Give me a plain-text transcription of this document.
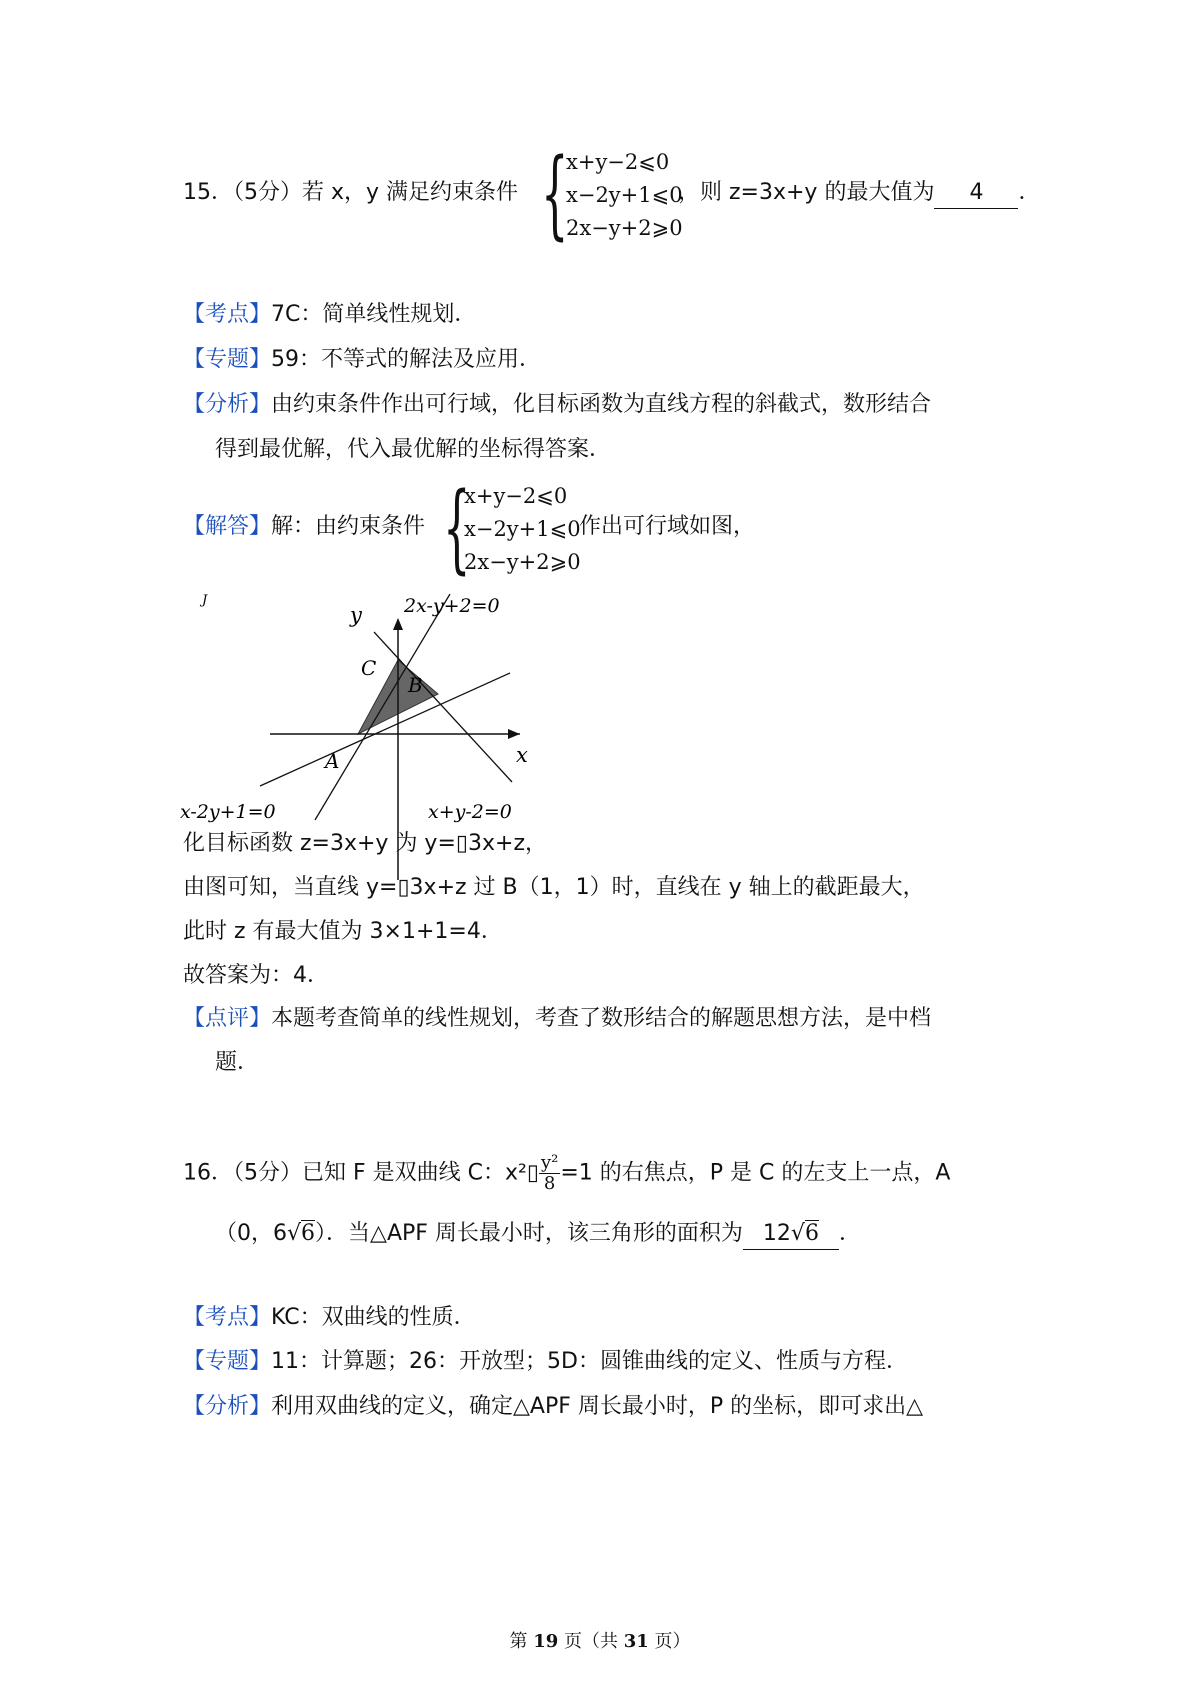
15．（5分）若 x，y 满足约束条件 {
x+y−2⩽0
x−2y+1⩽0
2x−y+2⩾0
，则 z=3x+y 的最大值为 4 ．
【考点】7C：简单线性规划．
【专题】59：不等式的解法及应用．
【分析】由约束条件作出可行域，化目标函数为直线方程的斜截式，数形结合
得到最优解，代入最优解的坐标得答案．
【解答】解：由约束条件 {
x+y−2⩽0
x−2y+1⩽0
2x−y+2⩾0
作出可行域如图，
J	2x-y+2=0
x-2y+1=0	x+y-2=0
y
x
A
B
C
化目标函数 z=3x+y 为 y=▯3x+z，
由图可知，当直线 y=▯3x+z 过 B（1，1）时，直线在 y 轴上的截距最大，
此时 z 有最大值为 3×1+1=4．
故答案为：4．
【点评】本题考查简单的线性规划，考查了数形结合的解题思想方法，是中档
题．
16．（5分）已知 F 是双曲线 C：x²▯ $\frac{\text{y²}}{8} =1$ 的右焦点，P 是 C 的左支上一点，A
（0，6√6）．当△APF 周长最小时，该三角形的面积为 12√6 ．
【考点】KC：双曲线的性质．
【专题】11：计算题；26：开放型；5D：圆锥曲线的定义、性质与方程．
【分析】利用双曲线的定义，确定△APF 周长最小时，P 的坐标，即可求出△
第 19 页（共 31 页）
